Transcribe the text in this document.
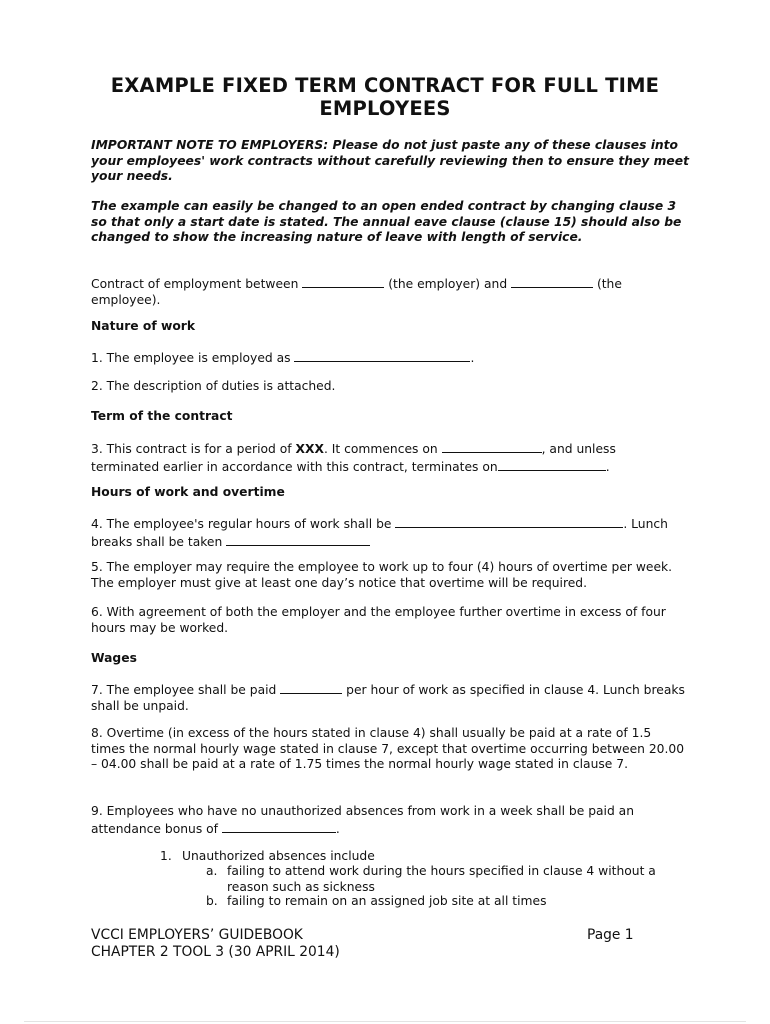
EXAMPLE FIXED TERM CONTRACT FOR FULL TIME EMPLOYEES

IMPORTANT NOTE TO EMPLOYERS: Please do not just paste any of these clauses into your employees' work contracts without carefully reviewing then to ensure they meet your needs.

The example can easily be changed to an open ended contract by changing clause 3 so that only a start date is stated. The annual eave clause (clause 15) should also be changed to show the increasing nature of leave with length of service.

Contract of employment between	(the employer) and	(the employee).

Nature of work

1. The employee is employed as	.

2. The description of duties is attached.

Term of the contract

3. This contract is for a period of XXX. It commences on	, and unless terminated earlier in accordance with this contract, terminates on	.

Hours of work and overtime

4. The employee's regular hours of work shall be	. Lunch breaks shall be taken

5. The employer may require the employee to work up to four (4) hours of overtime per week. The employer must give at least one day’s notice that overtime will be required.

6. With agreement of both the employer and the employee further overtime in excess of four hours may be worked.

Wages

7. The employee shall be paid	per hour of work as specified in clause 4. Lunch breaks shall be unpaid.

8. Overtime (in excess of the hours stated in clause 4) shall usually be paid at a rate of 1.5 times the normal hourly wage stated in clause 7, except that overtime occurring between 20.00 – 04.00 shall be paid at a rate of 1.75 times the normal hourly wage stated in clause 7.

9. Employees who have no unauthorized absences from work in a week shall be paid an attendance bonus of	.

1. Unauthorized absences include
a. failing to attend work during the hours specified in clause 4 without a reason such as sickness
b. failing to remain on an assigned job site at all times

VCCI EMPLOYERS’ GUIDEBOOK

CHAPTER 2 TOOL 3 (30 APRIL 2014)

Page 1
